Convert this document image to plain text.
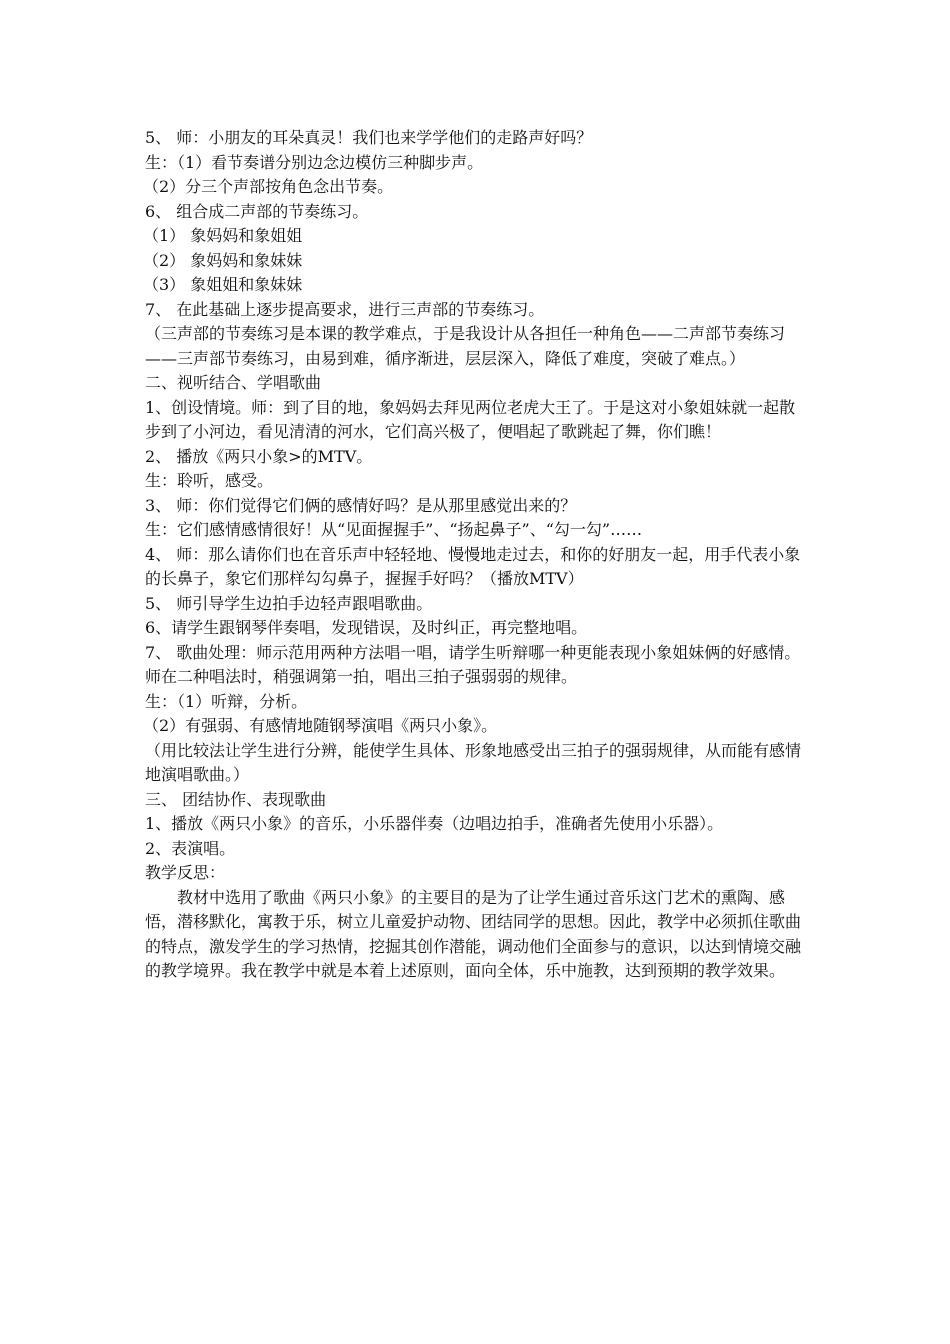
5、 师：小朋友的耳朵真灵！我们也来学学他们的走路声好吗？

生：（1）看节奏谱分别边念边模仿三种脚步声。

（2）分三个声部按角色念出节奏。

6、 组合成二声部的节奏练习。

（1） 象妈妈和象姐姐

（2） 象妈妈和象妹妹

（3） 象姐姐和象妹妹

7、 在此基础上逐步提高要求，进行三声部的节奏练习。

（三声部的节奏练习是本课的教学难点，于是我设计从各担任一种角色——二声部节奏练习——三声部节奏练习，由易到难，循序渐进，层层深入，降低了难度，突破了难点。）

二、视听结合、学唱歌曲

1、创设情境。师：到了目的地，象妈妈去拜见两位老虎大王了。于是这对小象姐妹就一起散步到了小河边，看见清清的河水，它们高兴极了，便唱起了歌跳起了舞，你们瞧！

2、 播放《两只小象>的MTV。

生：聆听，感受。

3、 师：你们觉得它们俩的感情好吗？是从那里感觉出来的？

生：它们感情感情很好！从“见面握握手”、“扬起鼻子”、“勾一勾”……

4、 师：那么请你们也在音乐声中轻轻地、慢慢地走过去，和你的好朋友一起，用手代表小象的长鼻子，象它们那样勾勾鼻子，握握手好吗？（播放MTV）

5、 师引导学生边拍手边轻声跟唱歌曲。

6、请学生跟钢琴伴奏唱，发现错误，及时纠正，再完整地唱。

7、 歌曲处理：师示范用两种方法唱一唱，请学生听辩哪一种更能表现小象姐妹俩的好感情。师在二种唱法时，稍强调第一拍，唱出三拍子强弱弱的规律。

生：（1）听辩，分析。

（2）有强弱、有感情地随钢琴演唱《两只小象》。

（用比较法让学生进行分辨，能使学生具体、形象地感受出三拍子的强弱规律，从而能有感情地演唱歌曲。）

三、 团结协作、表现歌曲

1、播放《两只小象》的音乐，小乐器伴奏（边唱边拍手，准确者先使用小乐器）。

2、表演唱。

教学反思：

教材中选用了歌曲《两只小象》的主要目的是为了让学生通过音乐这门艺术的熏陶、感悟，潜移默化，寓教于乐，树立儿童爱护动物、团结同学的思想。因此，教学中必须抓住歌曲的特点，激发学生的学习热情，挖掘其创作潜能，调动他们全面参与的意识，以达到情境交融的教学境界。我在教学中就是本着上述原则，面向全体，乐中施教，达到预期的教学效果。
